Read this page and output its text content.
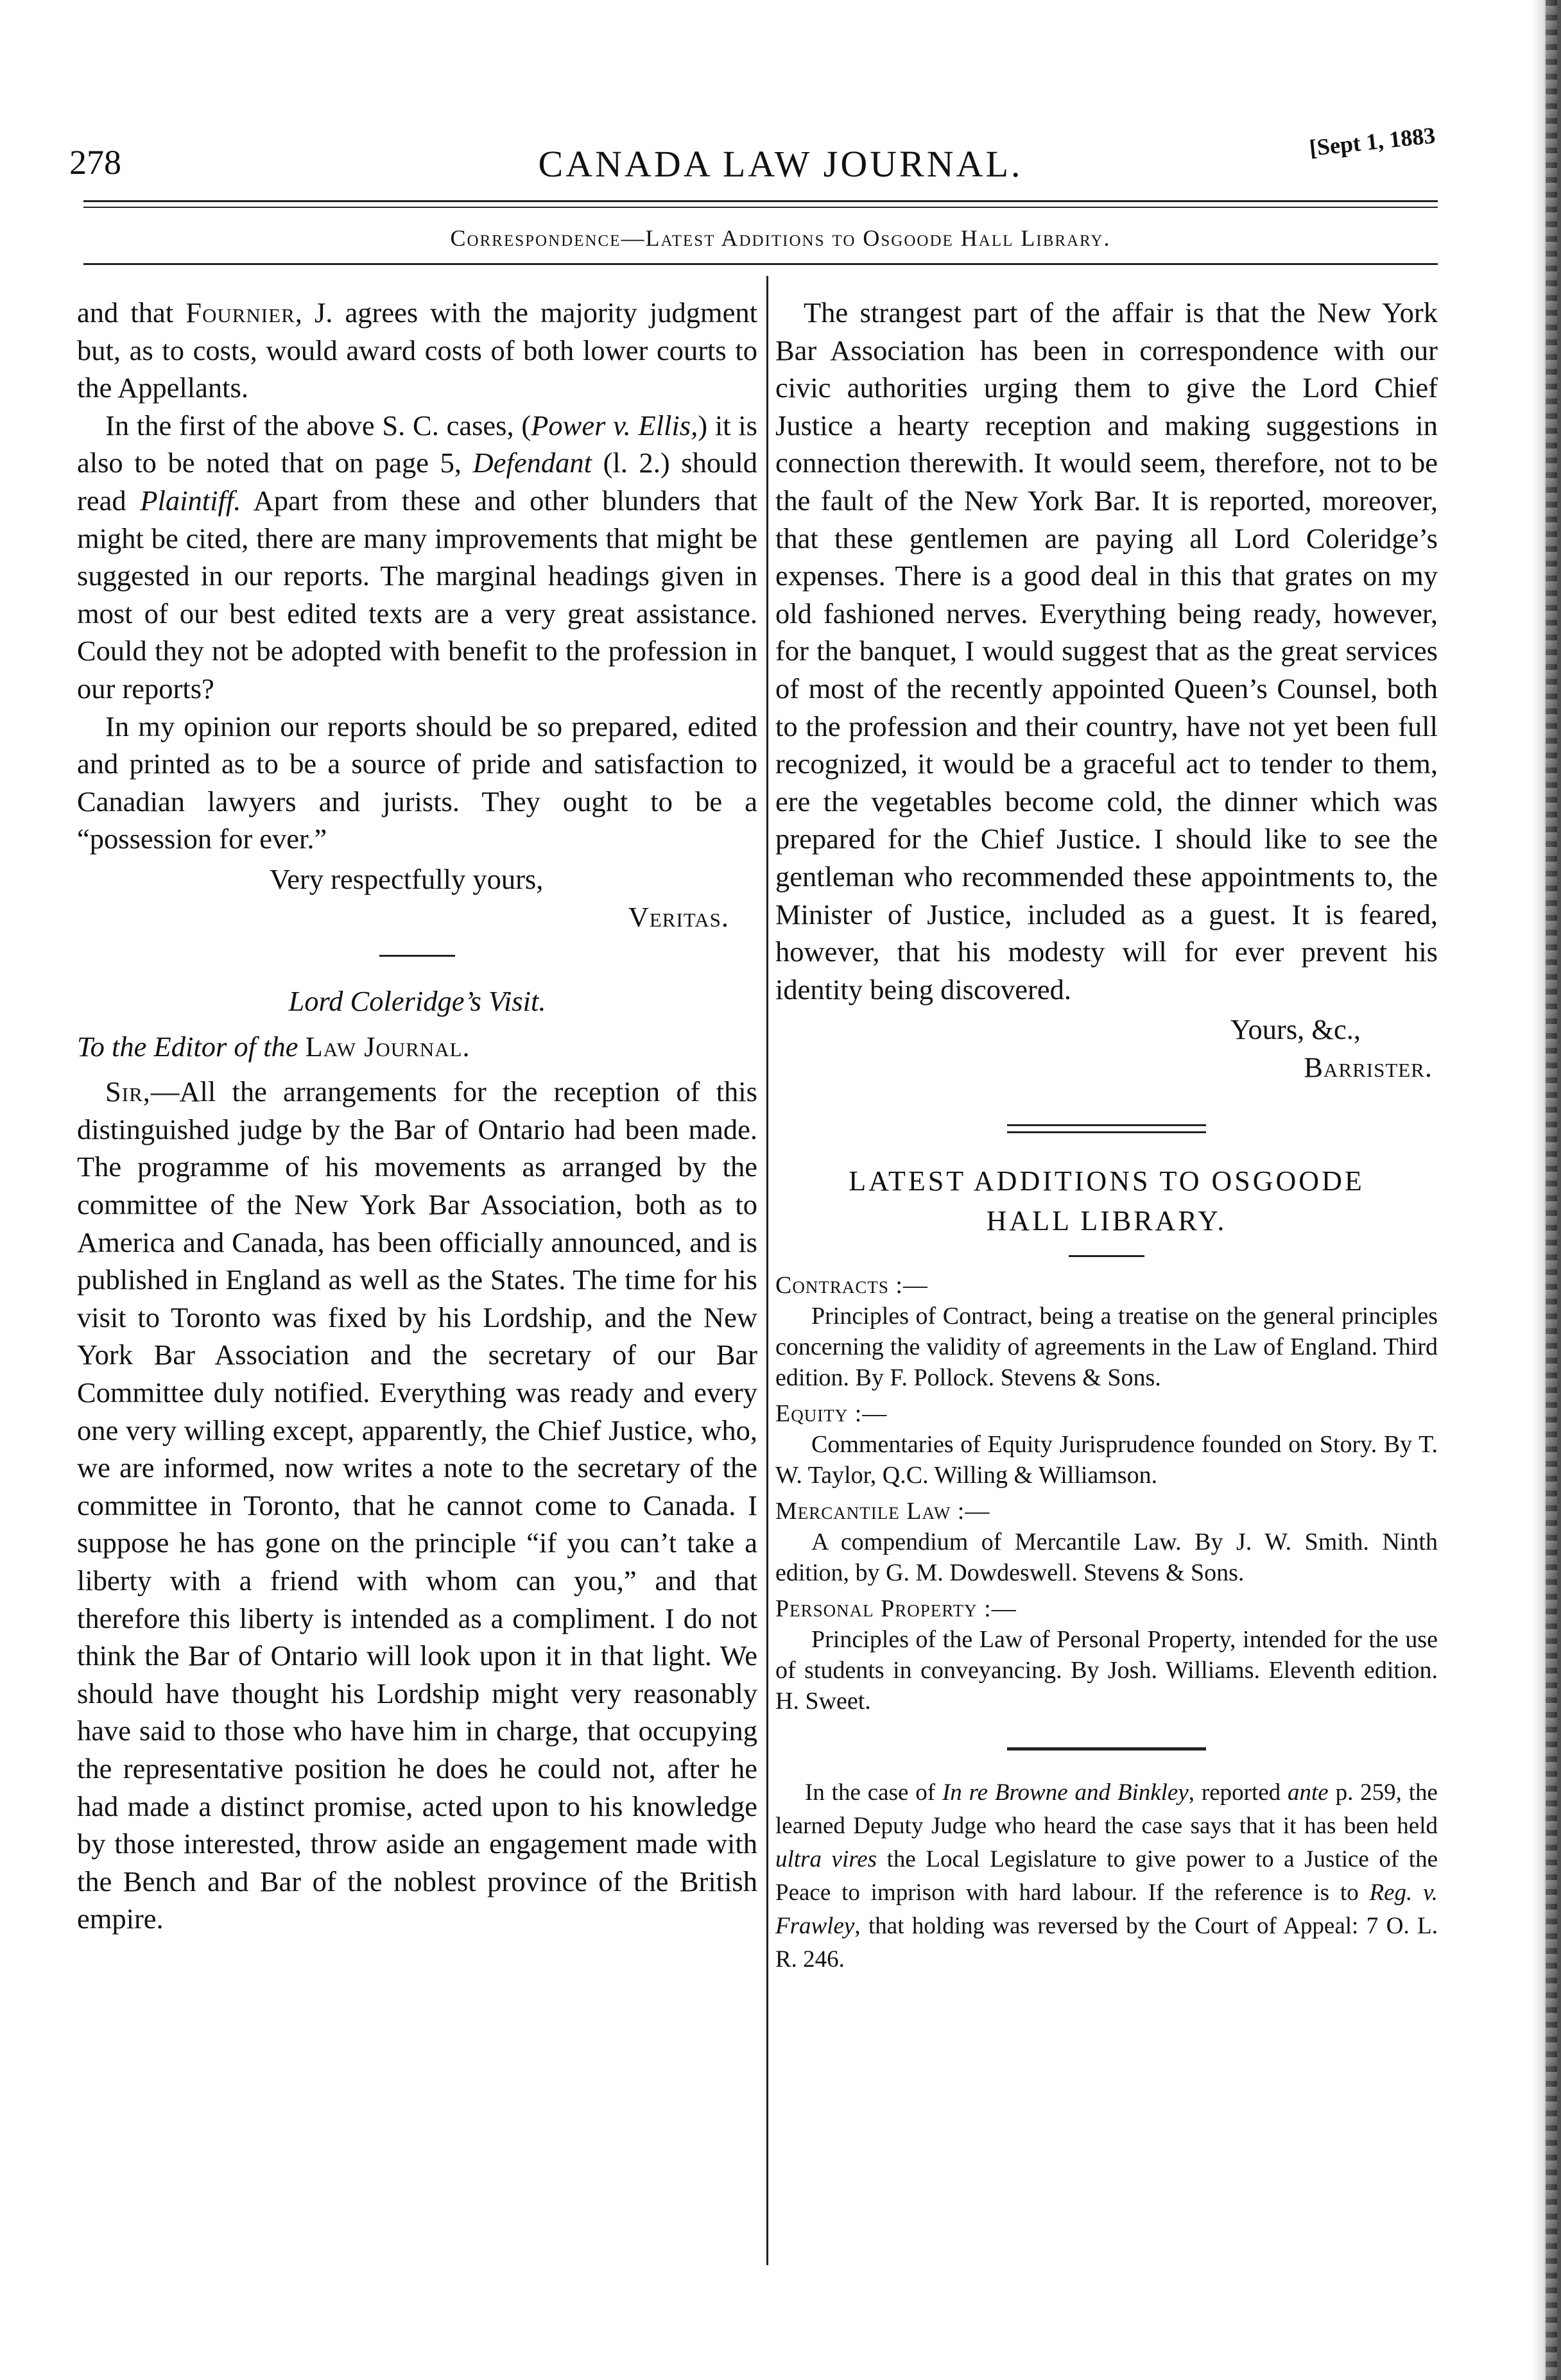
278	CANADA LAW JOURNAL.
[Sept 1, 1883
Correspondence—Latest Additions to Osgoode Hall Library.

and that Fournier, J. agrees with the majority judgment but, as to costs, would award costs of both lower courts to the Appellants.

In the first of the above S. C. cases, (Power v. Ellis,) it is also to be noted that on page 5, Defendant (l. 2.) should read Plaintiff. Apart from these and other blunders that might be cited, there are many improvements that might be suggested in our reports. The marginal headings given in most of our best edited texts are a very great assistance. Could they not be adopted with benefit to the profession in our reports?

In my opinion our reports should be so prepared, edited and printed as to be a source of pride and satisfaction to Canadian lawyers and jurists. They ought to be a “possession for ever.”

Very respectfully yours,

Veritas.

Lord Coleridge’s Visit.

To the Editor of the Law Journal.

Sir,—All the arrangements for the reception of this distinguished judge by the Bar of Ontario had been made. The programme of his movements as arranged by the committee of the New York Bar Association, both as to America and Canada, has been officially announced, and is published in England as well as the States. The time for his visit to Toronto was fixed by his Lordship, and the New York Bar Association and the secretary of our Bar Committee duly notified. Everything was ready and every one very willing except, apparently, the Chief Justice, who, we are informed, now writes a note to the secretary of the committee in Toronto, that he cannot come to Canada. I suppose he has gone on the principle “if you can’t take a liberty with a friend with whom can you,” and that therefore this liberty is intended as a compliment. I do not think the Bar of Ontario will look upon it in that light. We should have thought his Lordship might very reasonably have said to those who have him in charge, that occupying the representative position he does he could not, after he had made a distinct promise, acted upon to his knowledge by those interested, throw aside an engagement made with the Bench and Bar of the noblest province of the British empire.

The strangest part of the affair is that the New York Bar Association has been in correspondence with our civic authorities urging them to give the Lord Chief Justice a hearty reception and making suggestions in connection therewith. It would seem, therefore, not to be the fault of the New York Bar. It is reported, moreover, that these gentlemen are paying all Lord Coleridge’s expenses. There is a good deal in this that grates on my old fashioned nerves. Everything being ready, however, for the banquet, I would suggest that as the great services of most of the recently appointed Queen’s Counsel, both to the profession and their country, have not yet been full recognized, it would be a graceful act to tender to them, ere the vegetables become cold, the dinner which was prepared for the Chief Justice. I should like to see the gentleman who recommended these appointments to, the Minister of Justice, included as a guest. It is feared, however, that his modesty will for ever prevent his identity being discovered.

Yours, &c.,

Barrister.

LATEST ADDITIONS TO OSGOODE
HALL LIBRARY.
Contracts :—

Principles of Contract, being a treatise on the general principles concerning the validity of agreements in the Law of England. Third edition. By F. Pollock. Stevens & Sons.

Equity :—

Commentaries of Equity Jurisprudence founded on Story. By T. W. Taylor, Q.C. Willing & Williamson.

Mercantile Law :—

A compendium of Mercantile Law. By J. W. Smith. Ninth edition, by G. M. Dowdeswell. Stevens & Sons.

Personal Property :—

Principles of the Law of Personal Property, intended for the use of students in conveyancing. By Josh. Williams. Eleventh edition. H. Sweet.

In the case of In re Browne and Binkley, reported ante p. 259, the learned Deputy Judge who heard the case says that it has been held ultra vires the Local Legislature to give power to a Justice of the Peace to imprison with hard labour. If the reference is to Reg. v. Frawley, that holding was reversed by the Court of Appeal: 7 O. L. R. 246.
